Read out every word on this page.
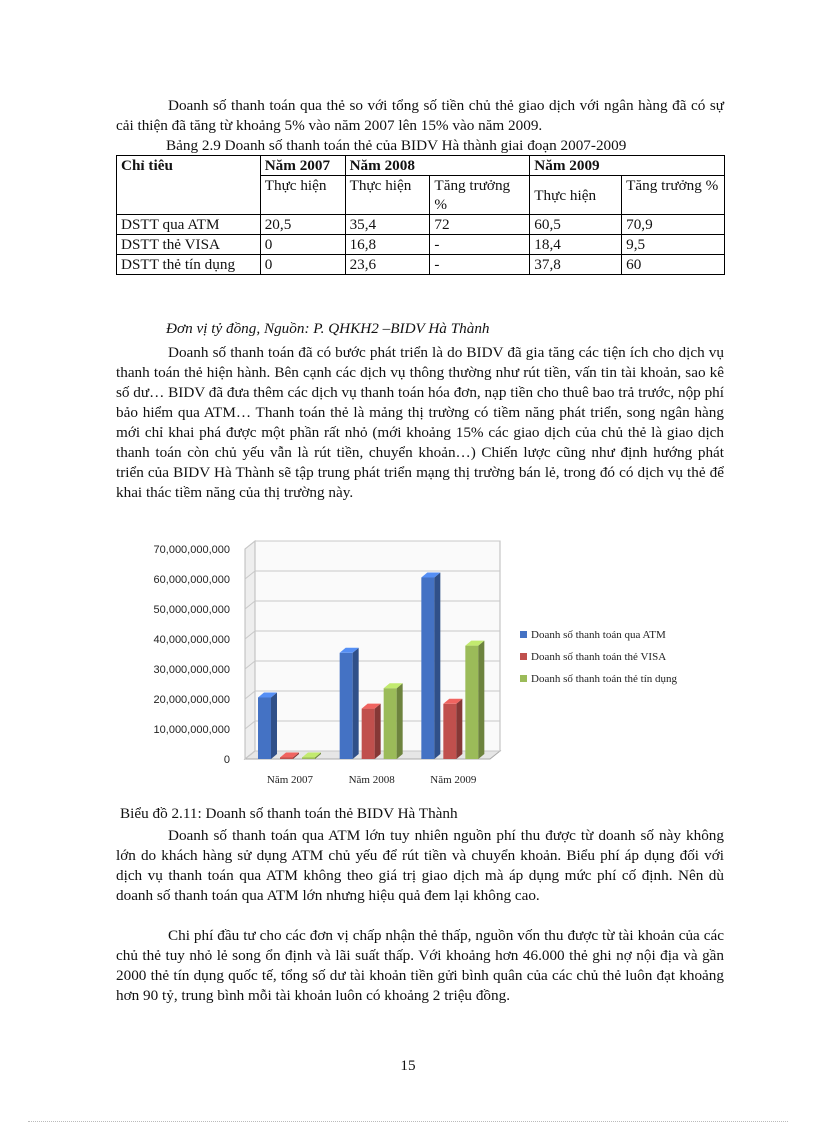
Doanh số thanh toán qua thẻ so với tổng số tiền chủ thẻ giao dịch với ngân hàng đã có sự cải thiện đã tăng từ khoảng 5% vào năm 2007 lên 15% vào năm 2009.

Bảng 2.9 Doanh số thanh toán thẻ của BIDV Hà thành giai đoạn 2007-2009

Chỉ tiêu	Năm 2007	Năm 2008		Năm 2009	
	Thực hiện	Thực hiện	Tăng trưởng %	Thực hiện	Tăng trưởng %
DSTT qua ATM	20,5	35,4	72	60,5	70,9
DSTT thẻ VISA	0	16,8	-	18,4	9,5
DSTT thẻ tín dụng	0	23,6	-	37,8	60
Đơn vị tỷ đồng, Nguồn: P. QHKH2 –BIDV Hà Thành

Doanh số thanh toán đã có bước phát triển là do BIDV đã gia tăng các tiện ích cho dịch vụ thanh toán thẻ hiện hành. Bên cạnh các dịch vụ thông thường như rút tiền, vấn tin tài khoản, sao kê số dư… BIDV đã đưa thêm các dịch vụ thanh toán hóa đơn, nạp tiền cho thuê bao trả trước, nộp phí bảo hiểm qua ATM… Thanh toán thẻ là mảng thị trường có tiềm năng phát triển, song ngân hàng mới chỉ khai phá được một phần rất nhỏ (mới khoảng 15% các giao dịch của chủ thẻ là giao dịch thanh toán còn chủ yếu vẫn là rút tiền, chuyển khoản…) Chiến lược cũng như định hướng phát triển của BIDV Hà Thành sẽ tập trung phát triển mạng thị trường bán lẻ, trong đó có dịch vụ thẻ để khai thác tiềm năng của thị trường này.

0
10,000,000,000
20,000,000,000
30,000,000,000
40,000,000,000
50,000,000,000
60,000,000,000
70,000,000,000
Năm 2007	Năm 2008	Năm 2009
Doanh số thanh toán qua ATM
Doanh số thanh toán thẻ VISA
Doanh số thanh toán thẻ tín dụng

Biểu đồ 2.11: Doanh số thanh toán thẻ BIDV Hà Thành

Doanh số thanh toán qua ATM lớn tuy nhiên nguồn phí thu được từ doanh số này không lớn do khách hàng sử dụng ATM chủ yếu để rút tiền và chuyển khoản. Biểu phí áp dụng đối với dịch vụ thanh toán qua ATM không theo giá trị giao dịch mà áp dụng mức phí cố định. Nên dù doanh số thanh toán qua ATM lớn nhưng hiệu quả đem lại không cao.

Chi phí đầu tư cho các đơn vị chấp nhận thẻ thấp, nguồn vốn thu được từ tài khoản của các chủ thẻ tuy nhỏ lẻ song ổn định và lãi suất thấp. Với khoảng hơn 46.000 thẻ ghi nợ nội địa và gần 2000 thẻ tín dụng quốc tế, tổng số dư tài khoản tiền gửi bình quân của các chủ thẻ luôn đạt khoảng hơn 90 tỷ, trung bình mỗi tài khoản luôn có khoảng 2 triệu đồng.

15
